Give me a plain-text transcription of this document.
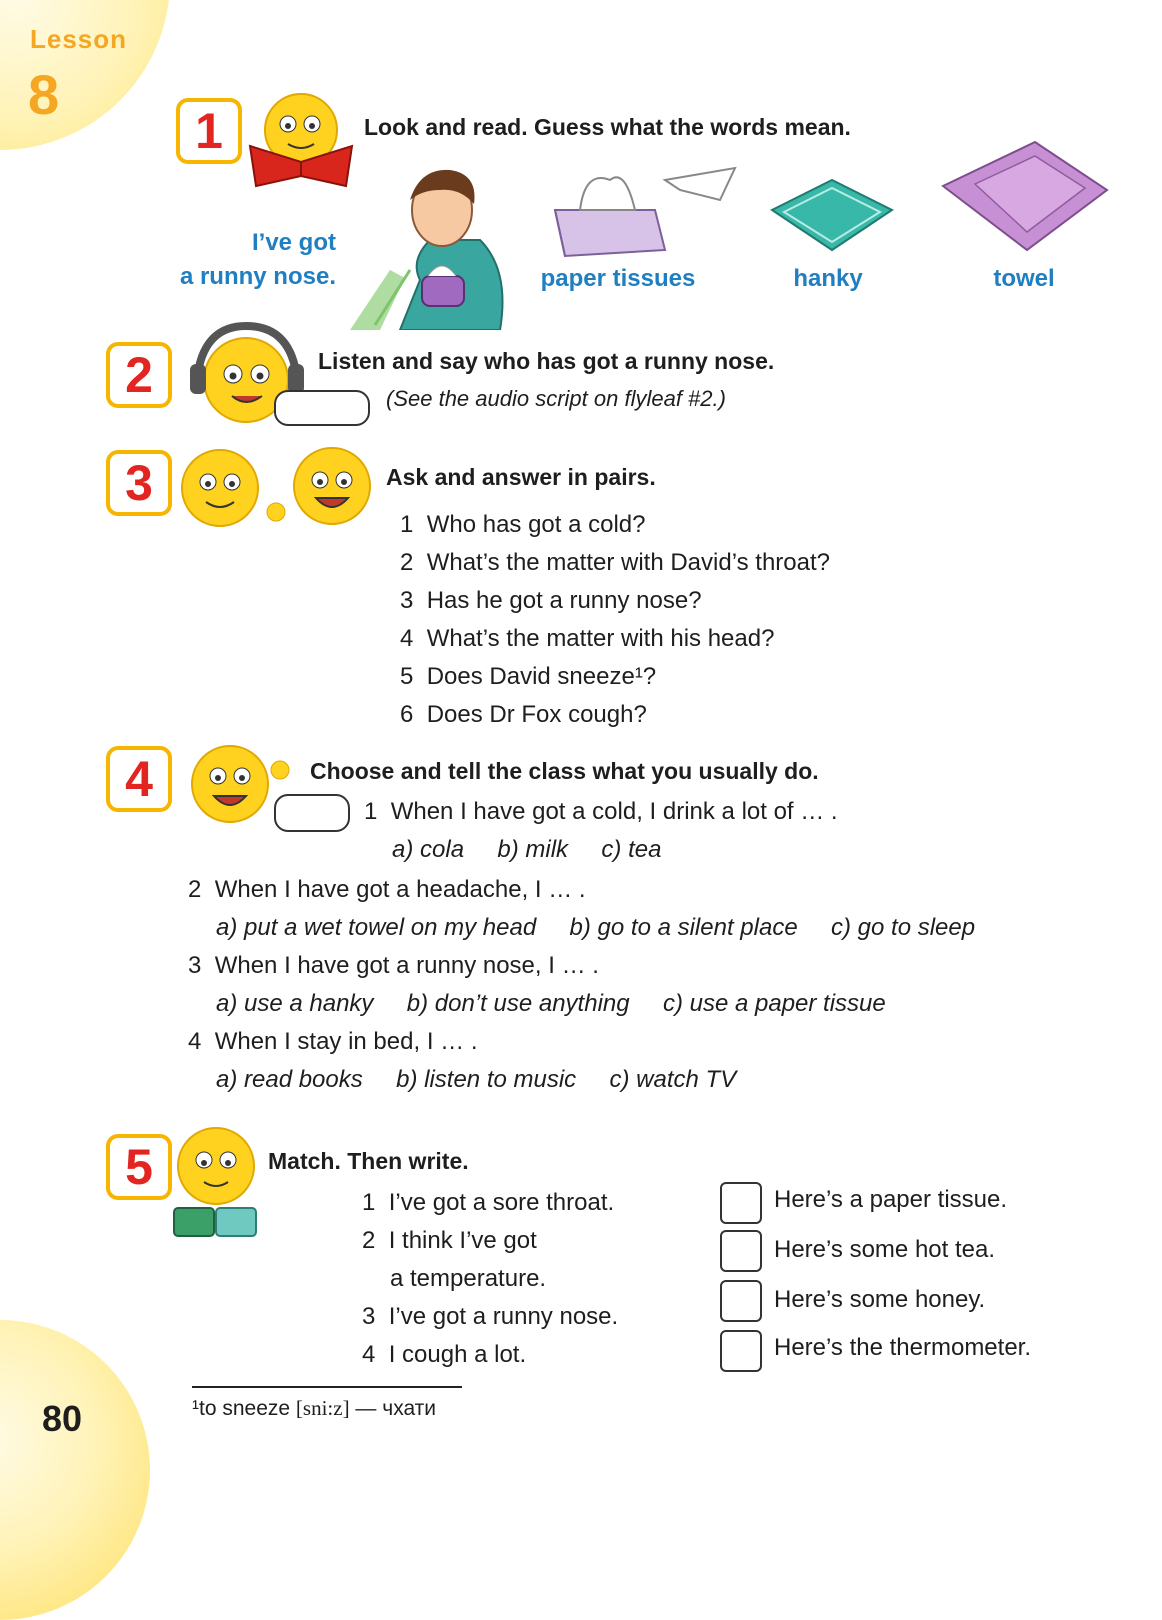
Lesson
8
1	Look and read. Guess what the words mean.
I’ve got
a runny nose.	paper tissues	hanky	towel
2	Listen and say who has got a runny nose.
(See the audio script on flyleaf #2.)
3	Ask and answer in pairs.
1 Who has got a cold?
2 What’s the matter with David’s throat?
3 Has he got a runny nose?
4 What’s the matter with his head?
5 Does David sneeze¹?
6 Does Dr Fox cough?
4	Choose and tell the class what you usually do.
1 When I have got a cold, I drink a lot of … .
a) cola b) milk c) tea
2 When I have got a headache, I … .
a) put a wet towel on my head b) go to a silent place c) go to sleep
3 When I have got a runny nose, I … .
a) use a hanky b) don’t use anything c) use a paper tissue
4 When I stay in bed, I … .
a) read books b) listen to music c) watch TV
5	Match. Then write.
1 I’ve got a sore throat.
2 I think I’ve got
a temperature.
3 I’ve got a runny nose.
4 I cough a lot.
Here’s a paper tissue.
Here’s some hot tea.
Here’s some honey.
Here’s the thermometer.
¹to sneeze [sni:z] — чхати
80
